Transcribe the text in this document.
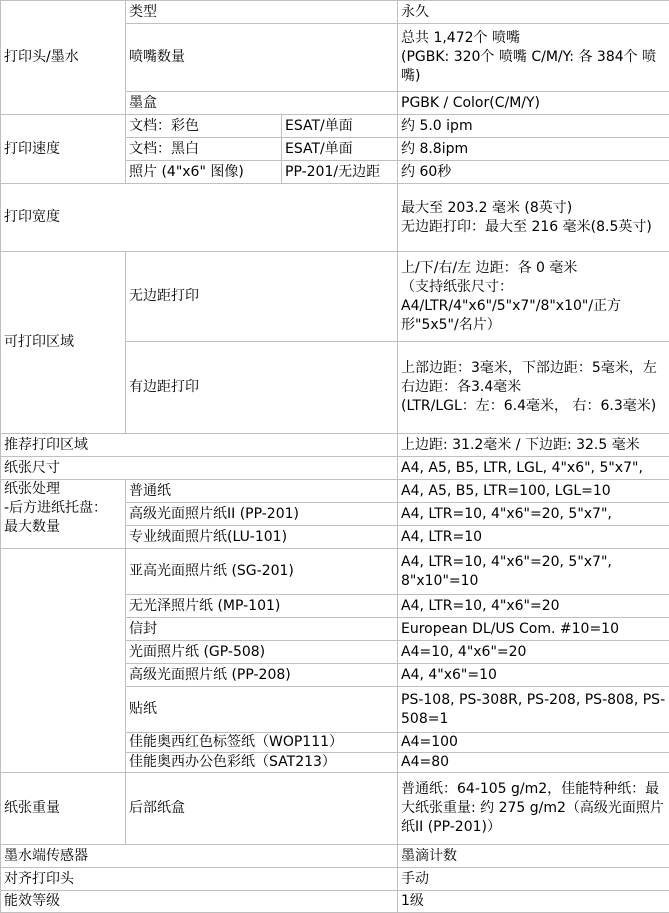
打印头/墨水	类型		永久
	喷嘴数量		总共 1,472个 喷嘴
(PGBK: 320个 喷嘴 C/M/Y: 各 384个 喷嘴)

	墨盒		PGBK / Color(C/M/Y)
打印速度	文档：彩色	ESAT/单面	约 5.0 ipm
	文档：黑白	ESAT/单面	约 8.8ipm
	照片 (4"x6" 图像)	PP-201/无边距	约 60秒
打印宽度			最大至 203.2 毫米 (8英寸)
无边距打印：最大至 216 毫米(8.5英寸)

可打印区域	无边距打印		上/下/右/左 边距：各 0 毫米
（支持纸张尺寸：A4/LTR/4"x6"/5"x7"/8"x10"/正方形"5x5"/名片）

	有边距打印		上部边距：3毫米，下部边距：5毫米，左右边距：各3.4毫米
(LTR/LGL：左：6.4毫米， 右：6.3毫米)

推荐打印区域			上边距: 31.2毫米 / 下边距: 32.5 毫米
纸张尺寸			A4, A5, B5, LTR, LGL, 4"x6", 5"x7",

纸张处理
-后方进纸托盘：
最大数量	普通纸		A4, A5, B5, LTR=100, LGL=10
	高级光面照片纸II (PP-201)		A4, LTR=10, 4"x6"=20, 5"x7",
	专业绒面照片纸(LU-101)		A4, LTR=10
	亚高光面照片纸 (SG-201)		A4, LTR=10, 4"x6"=20, 5"x7", 8"x10"=10
	无光泽照片纸 (MP-101)		A4, LTR=10, 4"x6"=20
	信封		European DL/US Com. #10=10
	光面照片纸 (GP-508)		A4=10, 4"x6"=20
	高级光面照片纸 (PP-208)		A4, 4"x6"=10
	贴纸		PS-108, PS-308R, PS-208, PS-808, PS-508=1
	佳能奥西红色标签纸（WOP111）		A4=100
	佳能奥西办公色彩纸（SAT213）		A4=80
纸张重量	后部纸盒		普通纸：64-105 g/m2，佳能特种纸：最大纸张重量: 约 275 g/m2（高级光面照片纸II (PP-201)）
墨水端传感器			墨滴计数
对齐打印头			手动
能效等级			1级
